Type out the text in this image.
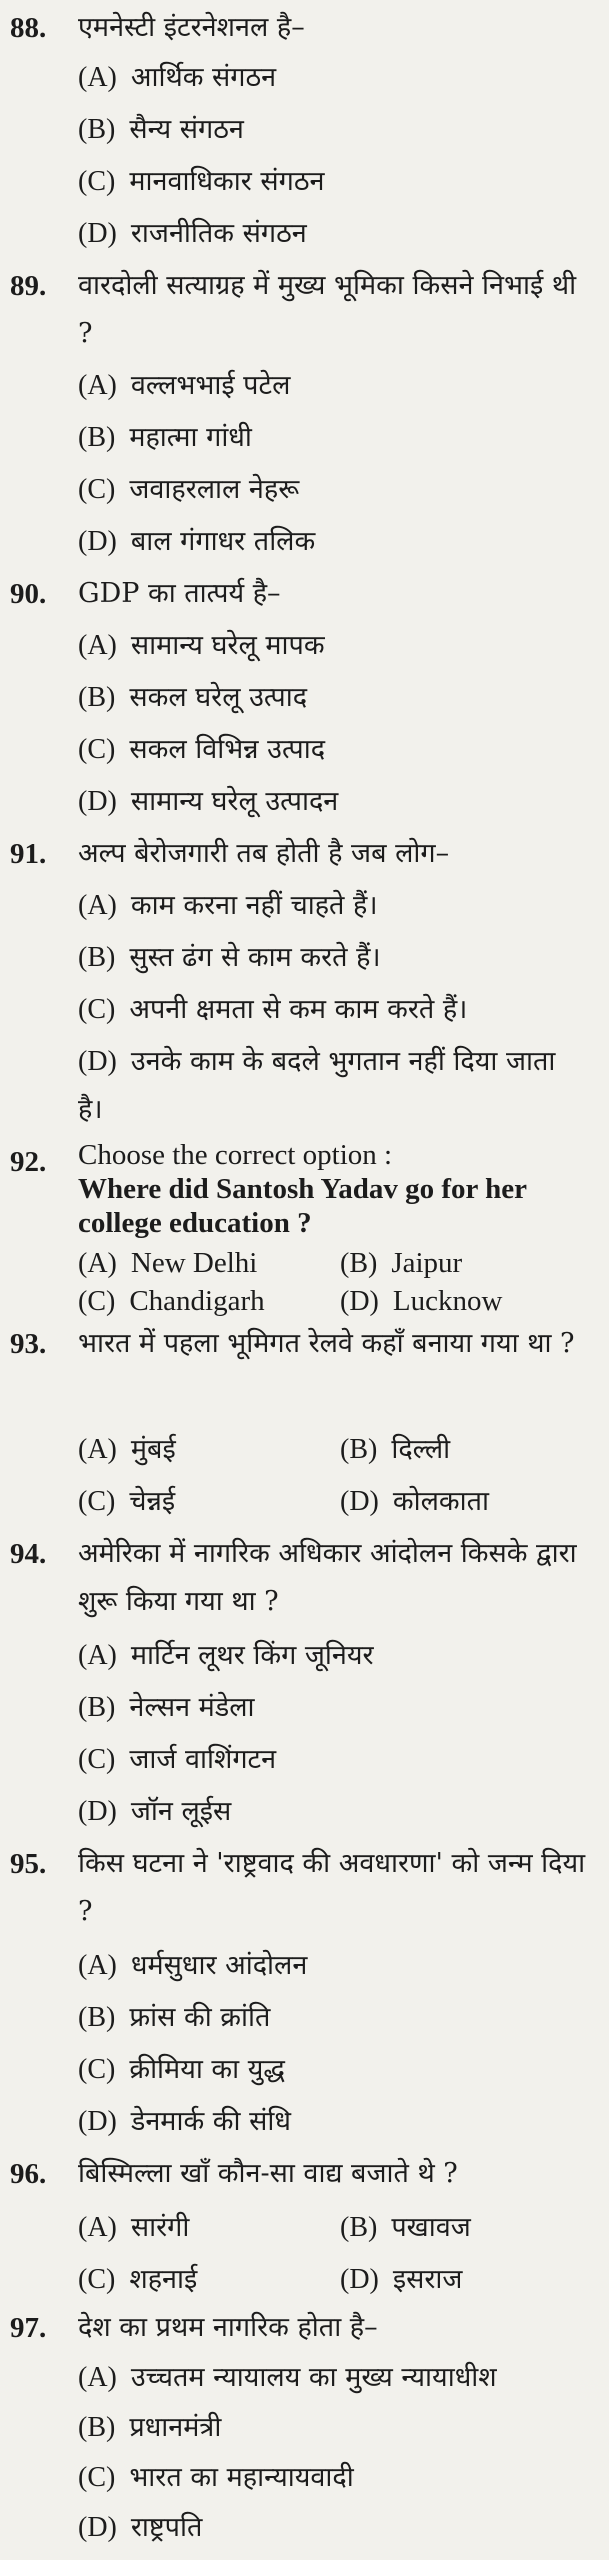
88. एमनेस्टी इंटरनेशनल है–
(A) आर्थिक संगठन
(B) सैन्य संगठन
(C) मानवाधिकार संगठन
(D) राजनीतिक संगठन
89. वारदोली सत्याग्रह में मुख्य भूमिका किसने निभाई थी ?
(A) वल्लभभाई पटेल
(B) महात्मा गांधी
(C) जवाहरलाल नेहरू
(D) बाल गंगाधर तलिक
90. GDP का तात्पर्य है–
(A) सामान्य घरेलू मापक
(B) सकल घरेलू उत्पाद
(C) सकल विभिन्न उत्पाद
(D) सामान्य घरेलू उत्पादन
91. अल्प बेरोजगारी तब होती है जब लोग–
(A) काम करना नहीं चाहते हैं।
(B) सुस्त ढंग से काम करते हैं।
(C) अपनी क्षमता से कम काम करते हैं।
(D) उनके काम के बदले भुगतान नहीं दिया जाता है।
92. Choose the correct option :
Where did Santosh Yadav go for her college education ?
(A) New Delhi	(B) Jaipur
(C) Chandigarh	(D) Lucknow
93. भारत में पहला भूमिगत रेलवे कहाँ बनाया गया था ?
(A) मुंबई	(B) दिल्ली
(C) चेन्नई	(D) कोलकाता
94. अमेरिका में नागरिक अधिकार आंदोलन किसके द्वारा शुरू किया गया था ?
(A) मार्टिन लूथर किंग जूनियर
(B) नेल्सन मंडेला
(C) जार्ज वाशिंगटन
(D) जॉन लूईस
95. किस घटना ने 'राष्ट्रवाद की अवधारणा' को जन्म दिया ?
(A) धर्मसुधार आंदोलन
(B) फ्रांस की क्रांति
(C) क्रीमिया का युद्ध
(D) डेनमार्क की संधि
96. बिस्मिल्ला खाँ कौन-सा वाद्य बजाते थे ?
(A) सारंगी	(B) पखावज
(C) शहनाई	(D) इसराज
97. देश का प्रथम नागरिक होता है–
(A) उच्चतम न्यायालय का मुख्य न्यायाधीश
(B) प्रधानमंत्री
(C) भारत का महान्यायवादी
(D) राष्ट्रपति
